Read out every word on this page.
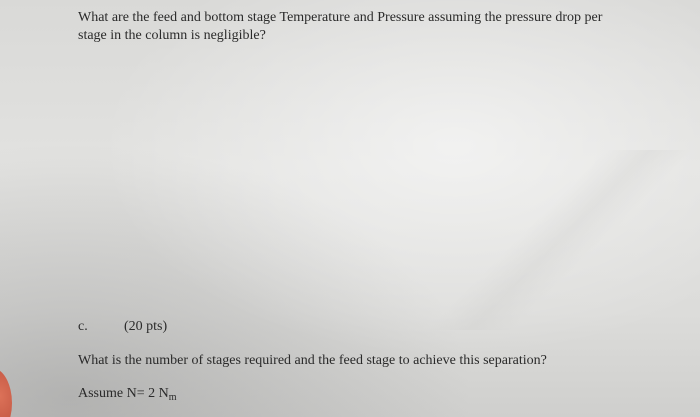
What are the feed and bottom stage Temperature and Pressure assuming the pressure drop per
stage in the column is negligible?
c.	(20 pts)
What is the number of stages required and the feed stage to achieve this separation?
Assume N= 2 $N_m$
